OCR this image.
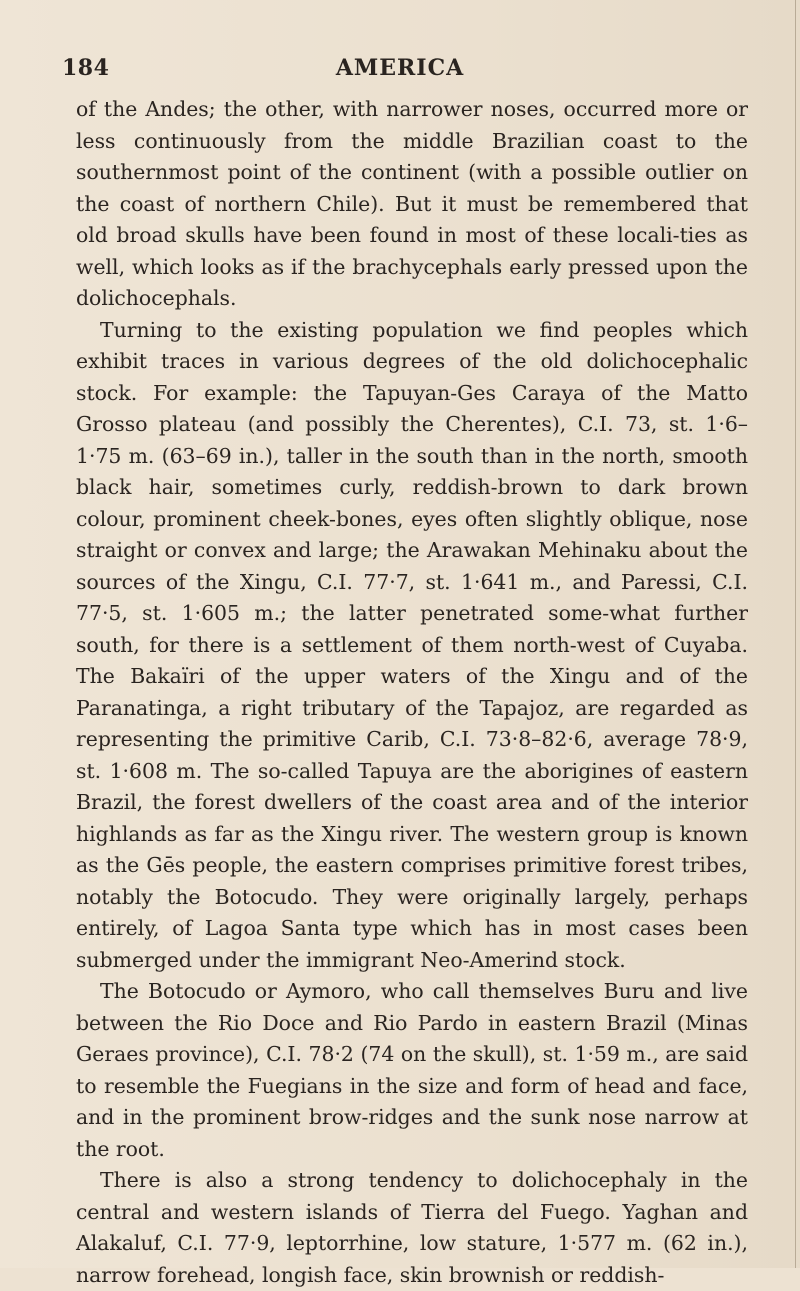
184	AMERICA

of the Andes; the other, with narrower noses, occurred more or less continuously from the middle Brazilian coast to the southernmost point of the continent (with a possible outlier on the coast of northern Chile). But it must be remembered that old broad skulls have been found in most of these locali-ties as well, which looks as if the brachycephals early pressed upon the dolichocephals.

Turning to the existing population we find peoples which exhibit traces in various degrees of the old dolichocephalic stock. For example: the Tapuyan-Ges Caraya of the Matto Grosso plateau (and possibly the Cherentes), C.I. 73, st. 1·6–1·75 m. (63–69 in.), taller in the south than in the north, smooth black hair, sometimes curly, reddish-brown to dark brown colour, prominent cheek-bones, eyes often slightly oblique, nose straight or convex and large; the Arawakan Mehinaku about the sources of the Xingu, C.I. 77·7, st. 1·641 m., and Paressi, C.I. 77·5, st. 1·605 m.; the latter penetrated some-what further south, for there is a settlement of them north-west of Cuyaba. The Bakaïri of the upper waters of the Xingu and of the Paranatinga, a right tributary of the Tapajoz, are regarded as representing the primitive Carib, C.I. 73·8–82·6, average 78·9, st. 1·608 m. The so-called Tapuya are the aborigines of eastern Brazil, the forest dwellers of the coast area and of the interior highlands as far as the Xingu river. The western group is known as the Gēs people, the eastern comprises primitive forest tribes, notably the Botocudo. They were originally largely, perhaps entirely, of Lagoa Santa type which has in most cases been submerged under the immigrant Neo-Amerind stock.

The Botocudo or Aymoro, who call themselves Buru and live between the Rio Doce and Rio Pardo in eastern Brazil (Minas Geraes province), C.I. 78·2 (74 on the skull), st. 1·59 m., are said to resemble the Fuegians in the size and form of head and face, and in the prominent brow-ridges and the sunk nose narrow at the root.

There is also a strong tendency to dolichocephaly in the central and western islands of Tierra del Fuego. Yaghan and Alakaluf, C.I. 77·9, leptorrhine, low stature, 1·577 m. (62 in.), narrow forehead, longish face, skin brownish or reddish-
